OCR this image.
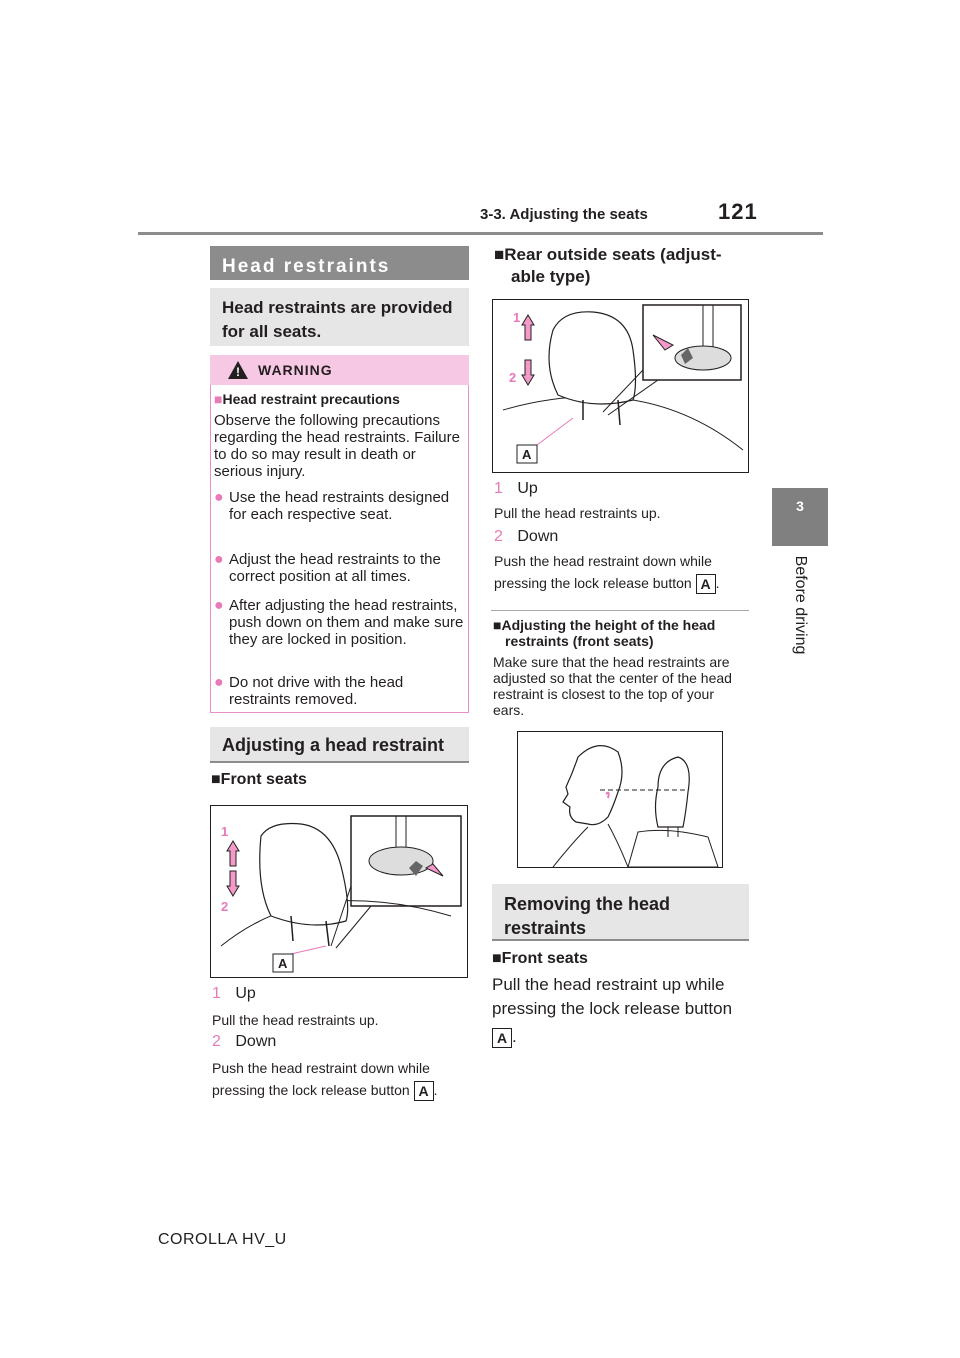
3-3. Adjusting the seats	121
3
Before driving
Head restraints
Head restraints are provided for all seats.
! WARNING
■Head restraint precautions
Observe the following precautions regarding the head restraints. Failure to do so may result in death or serious injury.
● Use the head restraints designed for each respective seat.
● Adjust the head restraints to the correct position at all times.
● After adjusting the head restraints, push down on them and make sure they are locked in position.
● Do not drive with the head restraints removed.
Adjusting a head restraint
■Front seats
1
2
A
1 Up
Pull the head restraints up.
2 Down
Push the head restraint down while pressing the lock release button A .
■Rear outside seats (adjust-
able type)
1
2
A
1 Up
Pull the head restraints up.
2 Down
Push the head restraint down while pressing the lock release button A .
■Adjusting the height of the head
restraints (front seats)
Make sure that the head restraints are adjusted so that the center of the head restraint is closest to the top of your ears.
Removing the head restraints
■Front seats
Pull the head restraint up while pressing the lock release button
A .
COROLLA HV_U
